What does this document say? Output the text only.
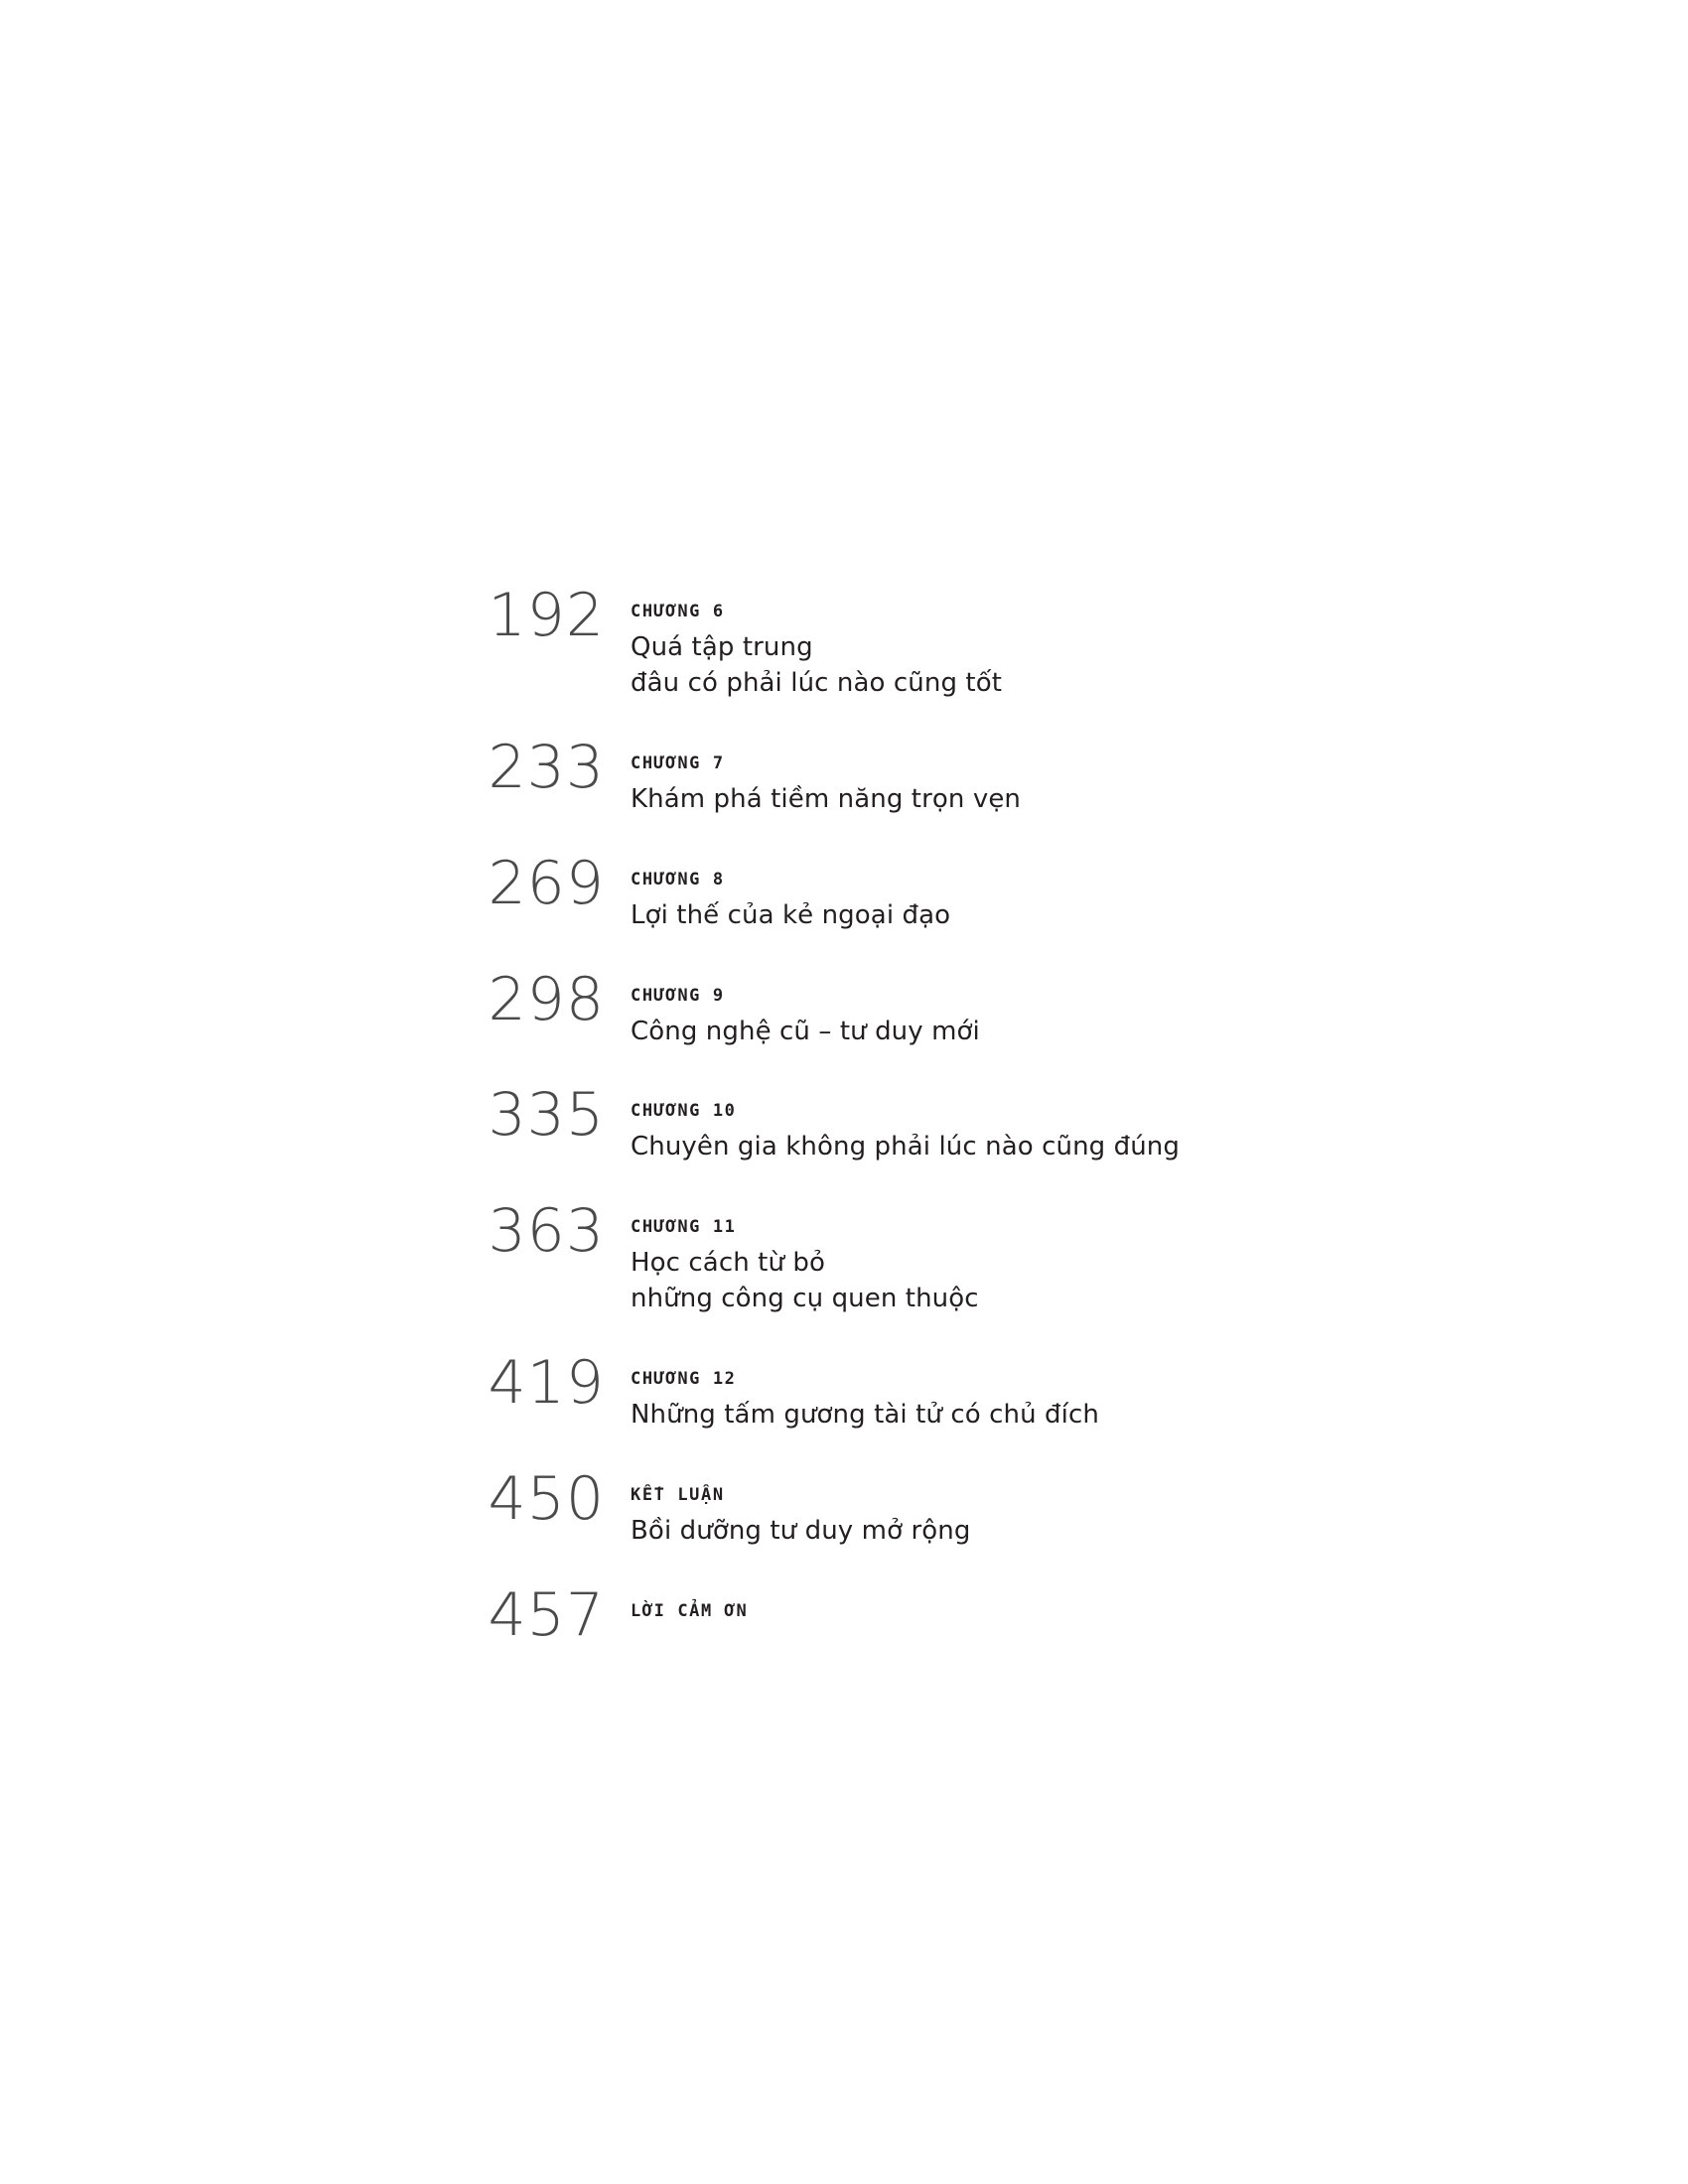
192	CHƯƠNG 6
Quá tập trung
đâu có phải lúc nào cũng tốt
233	CHƯƠNG 7
Khám phá tiềm năng trọn vẹn
269	CHƯƠNG 8
Lợi thế của kẻ ngoại đạo
298	CHƯƠNG 9
Công nghệ cũ – tư duy mới
335	CHƯƠNG 10
Chuyên gia không phải lúc nào cũng đúng
363	CHƯƠNG 11
Học cách từ bỏ
những công cụ quen thuộc
419	CHƯƠNG 12
Những tấm gương tài tử có chủ đích
450	KẾT LUẬN
Bồi dưỡng tư duy mở rộng
457	LỜI CẢM ƠN
